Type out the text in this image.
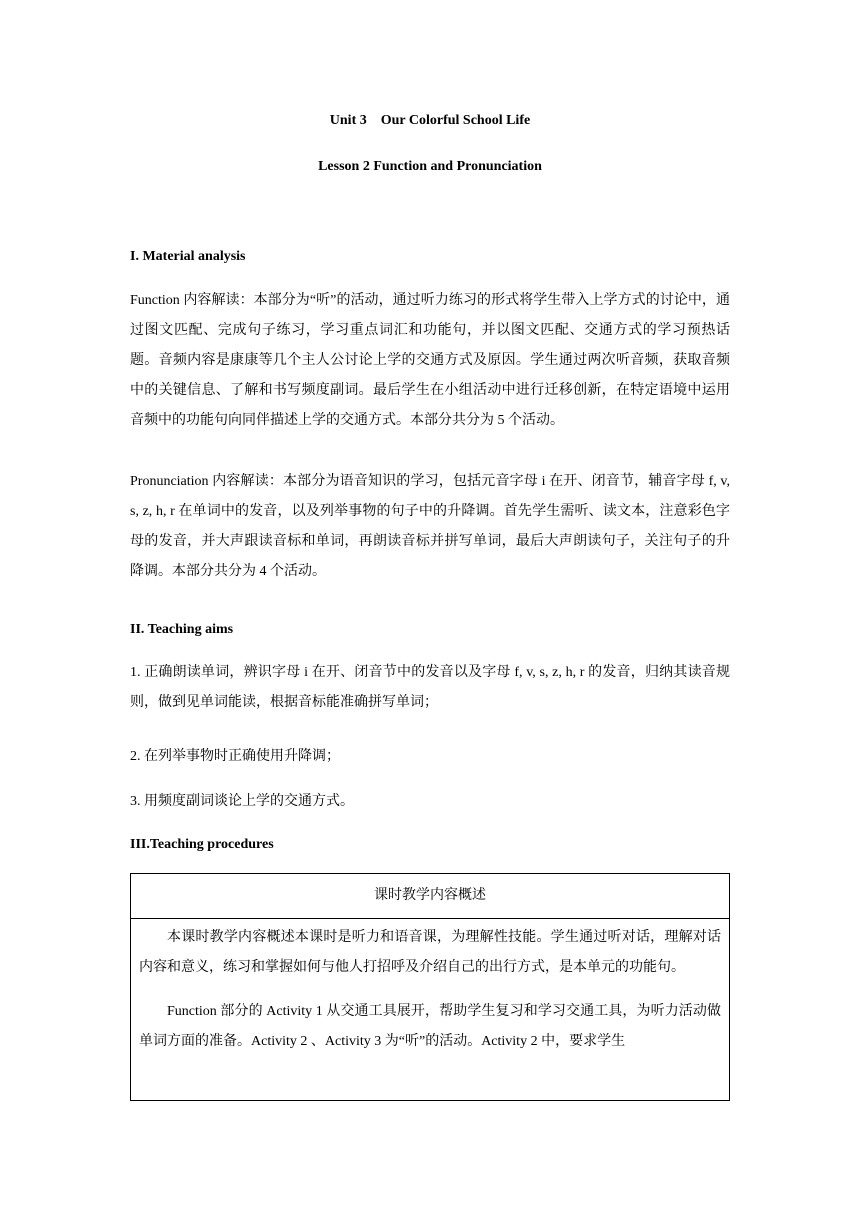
Unit 3    Our Colorful School Life
Lesson 2 Function and Pronunciation
I. Material analysis
Function 内容解读：本部分为“听”的活动，通过听力练习的形式将学生带入上学方式的讨论中，通过图文匹配、完成句子练习，学习重点词汇和功能句，并以图文匹配、交通方式的学习预热话题。音频内容是康康等几个主人公讨论上学的交通方式及原因。学生通过两次听音频，获取音频中的关键信息、了解和书写频度副词。最后学生在小组活动中进行迁移创新，在特定语境中运用音频中的功能句向同伴描述上学的交通方式。本部分共分为 5 个活动。
Pronunciation 内容解读：本部分为语音知识的学习，包括元音字母 i 在开、闭音节，辅音字母 f, v, s, z, h, r 在单词中的发音，以及列举事物的句子中的升降调。首先学生需听、读文本，注意彩色字母的发音，并大声跟读音标和单词，再朗读音标并拼写单词，最后大声朗读句子，关注句子的升降调。本部分共分为 4 个活动。
II. Teaching aims
1. 正确朗读单词，辨识字母 i 在开、闭音节中的发音以及字母 f, v, s, z, h, r 的发音，归纳其读音规则，做到见单词能读，根据音标能准确拼写单词；
2. 在列举事物时正确使用升降调；
3. 用频度副词谈论上学的交通方式。
III.Teaching procedures
课时教学内容概述

本课时教学内容概述本课时是听力和语音课，为理解性技能。学生通过听对话，理解对话内容和意义，练习和掌握如何与他人打招呼及介绍自己的出行方式，是本单元的功能句。

Function 部分的 Activity 1 从交通工具展开，帮助学生复习和学习交通工具，为听力活动做单词方面的准备。Activity 2 、Activity 3 为“听”的活动。Activity 2 中，要求学生
